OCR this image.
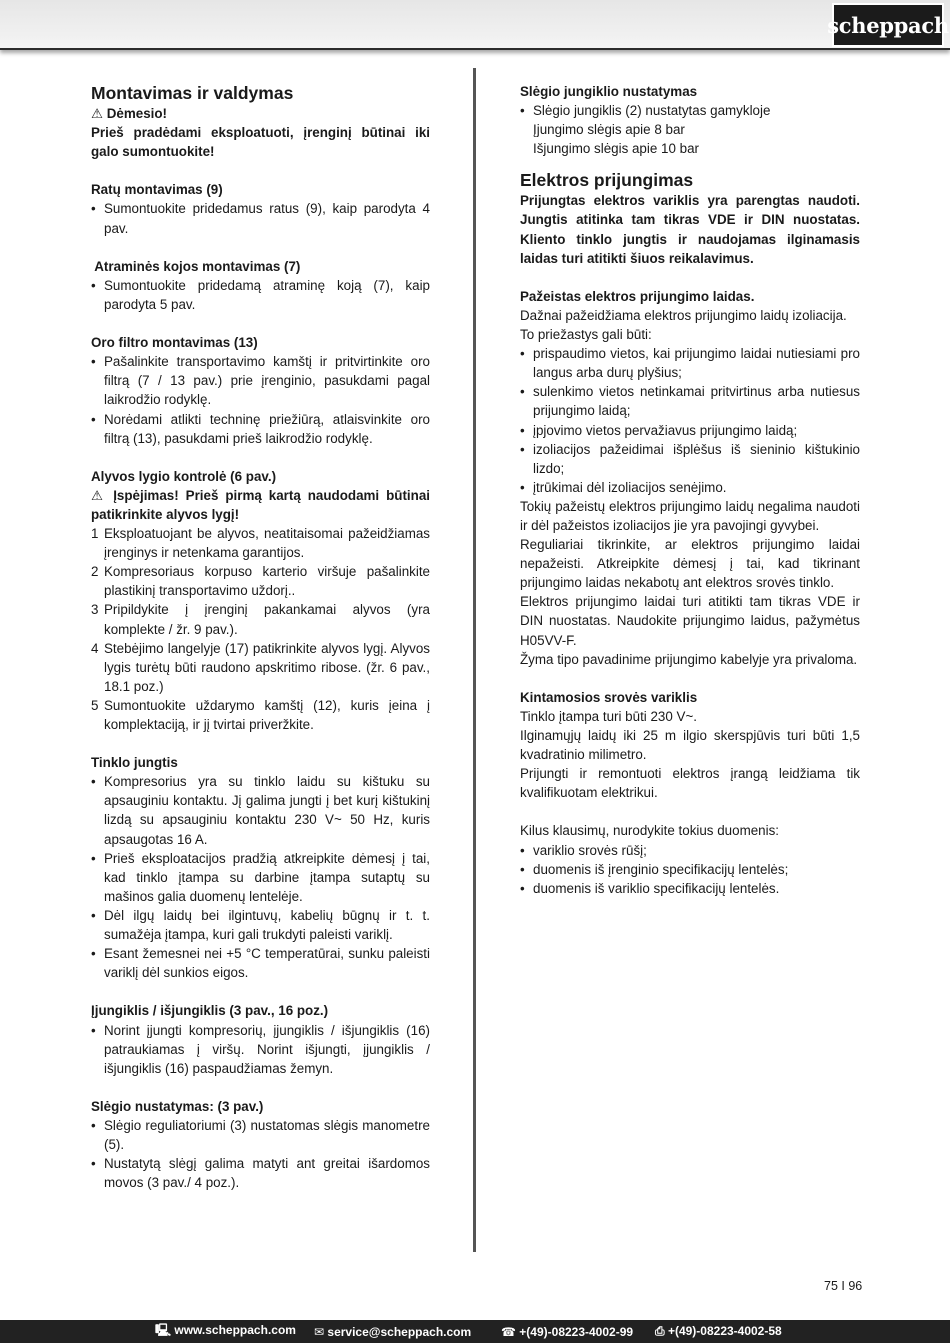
scheppach
Montavimas ir valdymas

⚠ Dėmesio!

Prieš pradėdami eksploatuoti, įrenginį būtinai iki galo sumontuokite!

Ratų montavimas (9)

• Sumontuokite pridedamus ratus (9), kaip parodyta 4 pav.

Atraminės kojos montavimas (7)

• Sumontuokite pridedamą atraminę koją (7), kaip parodyta 5 pav.

Oro filtro montavimas (13)

• Pašalinkite transportavimo kamštį ir pritvirtinkite oro filtrą (7 / 13 pav.) prie įrenginio, pasukdami pagal laikrodžio rodyklę.
• Norėdami atlikti techninę priežiūrą, atlaisvinkite oro filtrą (13), pasukdami prieš laikrodžio rodyklę.

Alyvos lygio kontrolė (6 pav.)

⚠ Įspėjimas! Prieš pirmą kartą naudodami būtinai patikrinkite alyvos lygį!

1 Eksploatuojant be alyvos, neatitaisomai pažeidžiamas įrenginys ir netenkama garantijos.
2 Kompresoriaus korpuso karterio viršuje pašalinkite plastikinį transportavimo uždorį..
3 Pripildykite į įrenginį pakankamai alyvos (yra komplekte / žr. 9 pav.).
4 Stebėjimo langelyje (17) patikrinkite alyvos lygį. Alyvos lygis turėtų būti raudono apskritimo ribose. (žr. 6 pav., 18.1 poz.)
5 Sumontuokite uždarymo kamštį (12), kuris įeina į komplektaciją, ir jį tvirtai priveržkite.

Tinklo jungtis

• Kompresorius yra su tinklo laidu su kištuku su apsauginiu kontaktu. Jį galima jungti į bet kurį kištukinį lizdą su apsauginiu kontaktu 230 V~ 50 Hz, kuris apsaugotas 16 A.
• Prieš eksploatacijos pradžią atkreipkite dėmesį į tai, kad tinklo įtampa su darbine įtampa sutaptų su mašinos galia duomenų lentelėje.
• Dėl ilgų laidų bei ilgintuvų, kabelių būgnų ir t. t. sumažėja įtampa, kuri gali trukdyti paleisti variklį.
• Esant žemesnei nei +5 °C temperatūrai, sunku paleisti variklį dėl sunkios eigos.

Įjungiklis / išjungiklis (3 pav., 16 poz.)

• Norint įjungti kompresorių, įjungiklis / išjungiklis (16) patraukiamas į viršų. Norint išjungti, įjungiklis / išjungiklis (16) paspaudžiamas žemyn.

Slėgio nustatymas: (3 pav.)

• Slėgio reguliatoriumi (3) nustatomas slėgis manometre (5).
• Nustatytą slėgį galima matyti ant greitai išardomos movos (3 pav./ 4 poz.).

Slėgio jungiklio nustatymas

• Slėgio jungiklis (2) nustatytas gamykloje
Įjungimo slėgis apie 8 bar
Išjungimo slėgis apie 10 bar
Elektros prijungimas

Prijungtas elektros variklis yra parengtas naudoti. Jungtis atitinka tam tikras VDE ir DIN nuostatas. Kliento tinklo jungtis ir naudojamas ilginamasis laidas turi atitikti šiuos reikalavimus.

Pažeistas elektros prijungimo laidas.

Dažnai pažeidžiama elektros prijungimo laidų izoliacija.

To priežastys gali būti:

• prispaudimo vietos, kai prijungimo laidai nutiesiami pro langus arba durų plyšius;
• sulenkimo vietos netinkamai pritvirtinus arba nutiesus prijungimo laidą;
• įpjovimo vietos pervažiavus prijungimo laidą;
• izoliacijos pažeidimai išplėšus iš sieninio kištukinio lizdo;
• įtrūkimai dėl izoliacijos senėjimo.

Tokių pažeistų elektros prijungimo laidų negalima naudoti ir dėl pažeistos izoliacijos jie yra pavojingi gyvybei.

Reguliariai tikrinkite, ar elektros prijungimo laidai nepažeisti. Atkreipkite dėmesį į tai, kad tikrinant prijungimo laidas nekabotų ant elektros srovės tinklo.

Elektros prijungimo laidai turi atitikti tam tikras VDE ir DIN nuostatas. Naudokite prijungimo laidus, pažymėtus H05VV-F.

Žyma tipo pavadinime prijungimo kabelyje yra privaloma.

Kintamosios srovės variklis

Tinklo įtampa turi būti 230 V~.

Ilginamųjų laidų iki 25 m ilgio skerspjūvis turi būti 1,5 kvadratinio milimetro.

Prijungti ir remontuoti elektros įrangą leidžiama tik kvalifikuotam elektrikui.

Kilus klausimų, nurodykite tokius duomenis:

• variklio srovės rūšį;
• duomenis iš įrenginio specifikacijų lentelės;
• duomenis iš variklio specifikacijų lentelės.
75 I 96
🖳 www.scheppach.com ✉ service@scheppach.com ☎ +(49)-08223-4002-99 ⎙ +(49)-08223-4002-58
